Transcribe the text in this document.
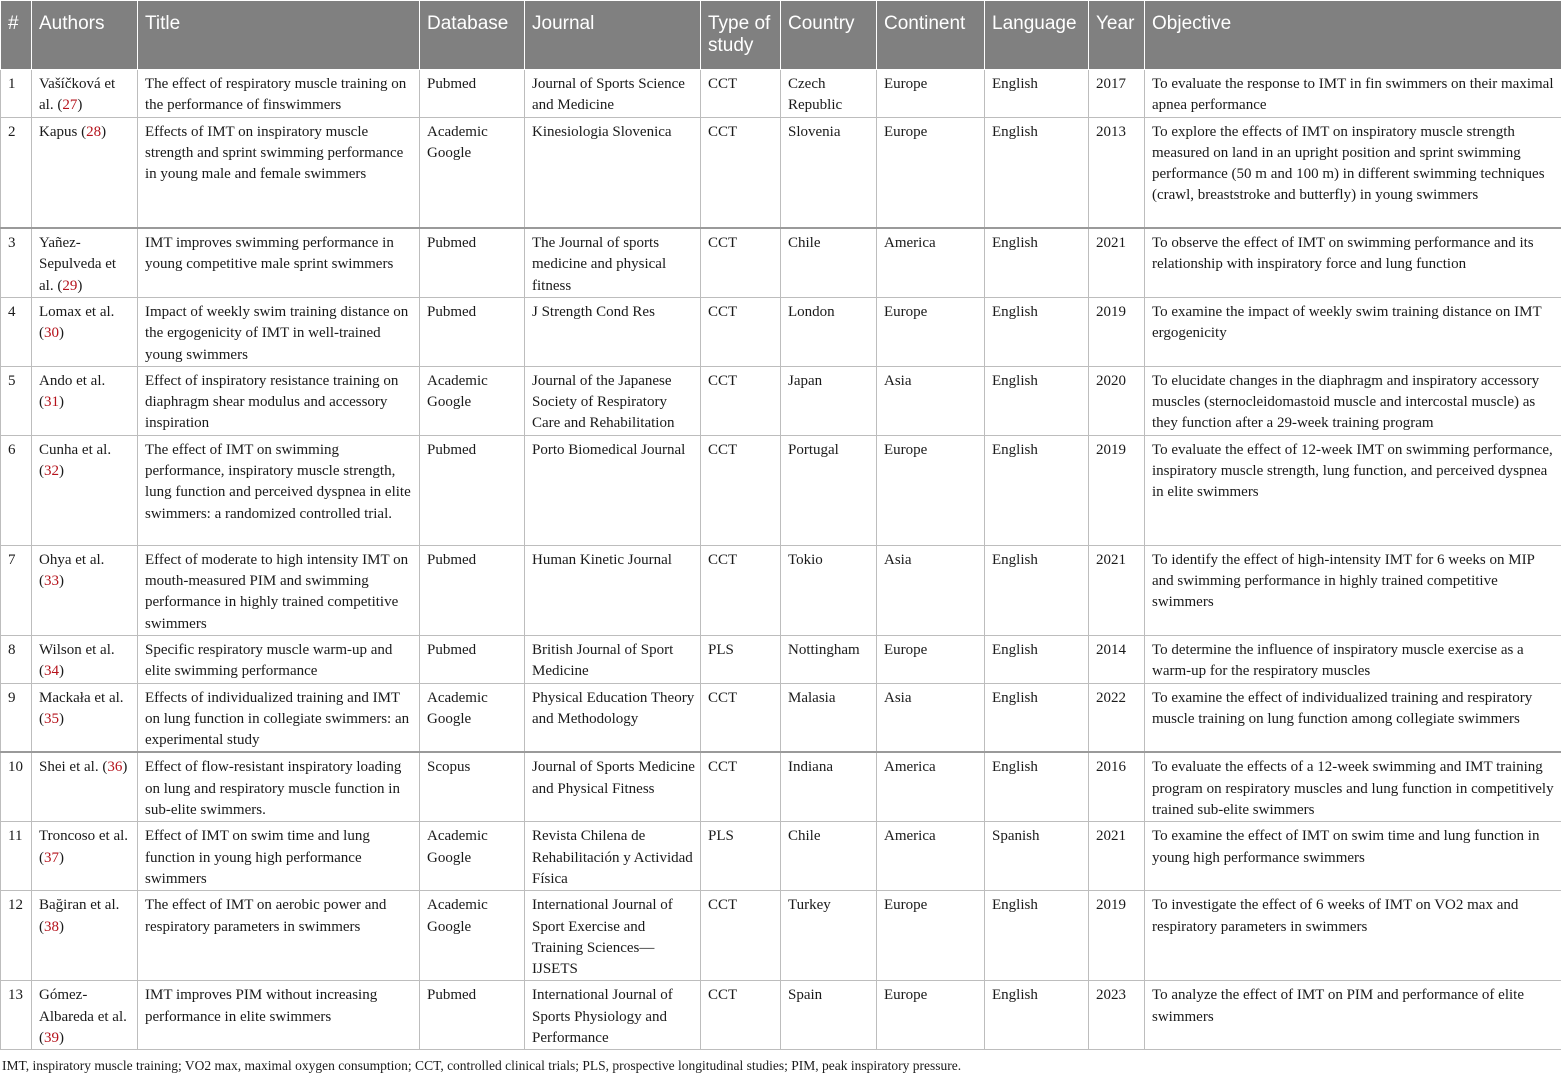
#	Authors	Title	Database	Journal	Type of study	Country	Continent	Language	Year	Objective
1	Vašíčková et al. (27)	The effect of respiratory muscle training on the performance of finswimmers	Pubmed	Journal of Sports Science and Medicine	CCT	Czech Republic	Europe	English	2017	To evaluate the response to IMT in fin swimmers on their maximal apnea performance
2	Kapus (28)	Effects of IMT on inspiratory muscle strength and sprint swimming performance in young male and female swimmers	Academic Google	Kinesiologia Slovenica	CCT	Slovenia	Europe	English	2013	To explore the effects of IMT on inspiratory muscle strength measured on land in an upright position and sprint swimming performance (50 m and 100 m) in different swimming techniques (crawl, breaststroke and butterfly) in young swimmers
3	Yañez-Sepulveda et al. (29)	IMT improves swimming performance in young competitive male sprint swimmers	Pubmed	The Journal of sports medicine and physical fitness	CCT	Chile	America	English	2021	To observe the effect of IMT on swimming performance and its relationship with inspiratory force and lung function
4	Lomax et al. (30)	Impact of weekly swim training distance on the ergogenicity of IMT in well-trained young swimmers	Pubmed	J Strength Cond Res	CCT	London	Europe	English	2019	To examine the impact of weekly swim training distance on IMT ergogenicity
5	Ando et al. (31)	Effect of inspiratory resistance training on diaphragm shear modulus and accessory inspiration	Academic Google	Journal of the Japanese Society of Respiratory Care and Rehabilitation	CCT	Japan	Asia	English	2020	To elucidate changes in the diaphragm and inspiratory accessory muscles (sternocleidomastoid muscle and intercostal muscle) as they function after a 29-week training program
6	Cunha et al. (32)	The effect of IMT on swimming performance, inspiratory muscle strength, lung function and perceived dyspnea in elite swimmers: a randomized controlled trial.	Pubmed	Porto Biomedical Journal	CCT	Portugal	Europe	English	2019	To evaluate the effect of 12-week IMT on swimming performance, inspiratory muscle strength, lung function, and perceived dyspnea in elite swimmers
7	Ohya et al. (33)	Effect of moderate to high intensity IMT on mouth-measured PIM and swimming performance in highly trained competitive swimmers	Pubmed	Human Kinetic Journal	CCT	Tokio	Asia	English	2021	To identify the effect of high-intensity IMT for 6 weeks on MIP and swimming performance in highly trained competitive swimmers
8	Wilson et al. (34)	Specific respiratory muscle warm-up and elite swimming performance	Pubmed	British Journal of Sport Medicine	PLS	Nottingham	Europe	English	2014	To determine the influence of inspiratory muscle exercise as a warm-up for the respiratory muscles
9	Mackała et al. (35)	Effects of individualized training and IMT on lung function in collegiate swimmers: an experimental study	Academic Google	Physical Education Theory and Methodology	CCT	Malasia	Asia	English	2022	To examine the effect of individualized training and respiratory muscle training on lung function among collegiate swimmers
10	Shei et al. (36)	Effect of flow-resistant inspiratory loading on lung and respiratory muscle function in sub-elite swimmers.	Scopus	Journal of Sports Medicine and Physical Fitness	CCT	Indiana	America	English	2016	To evaluate the effects of a 12-week swimming and IMT training program on respiratory muscles and lung function in competitively trained sub-elite swimmers
11	Troncoso et al. (37)	Effect of IMT on swim time and lung function in young high performance swimmers	Academic Google	Revista Chilena de Rehabilitación y Actividad Física	PLS	Chile	America	Spanish	2021	To examine the effect of IMT on swim time and lung function in young high performance swimmers
12	Bağiran et al. (38)	The effect of IMT on aerobic power and respiratory parameters in swimmers	Academic Google	International Journal of Sport Exercise and Training Sciences—IJSETS	CCT	Turkey	Europe	English	2019	To investigate the effect of 6 weeks of IMT on VO2 max and respiratory parameters in swimmers
13	Gómez-Albareda et al. (39)	IMT improves PIM without increasing performance in elite swimmers	Pubmed	International Journal of Sports Physiology and Performance	CCT	Spain	Europe	English	2023	To analyze the effect of IMT on PIM and performance of elite swimmers
IMT, inspiratory muscle training; VO2 max, maximal oxygen consumption; CCT, controlled clinical trials; PLS, prospective longitudinal studies; PIM, peak inspiratory pressure.
